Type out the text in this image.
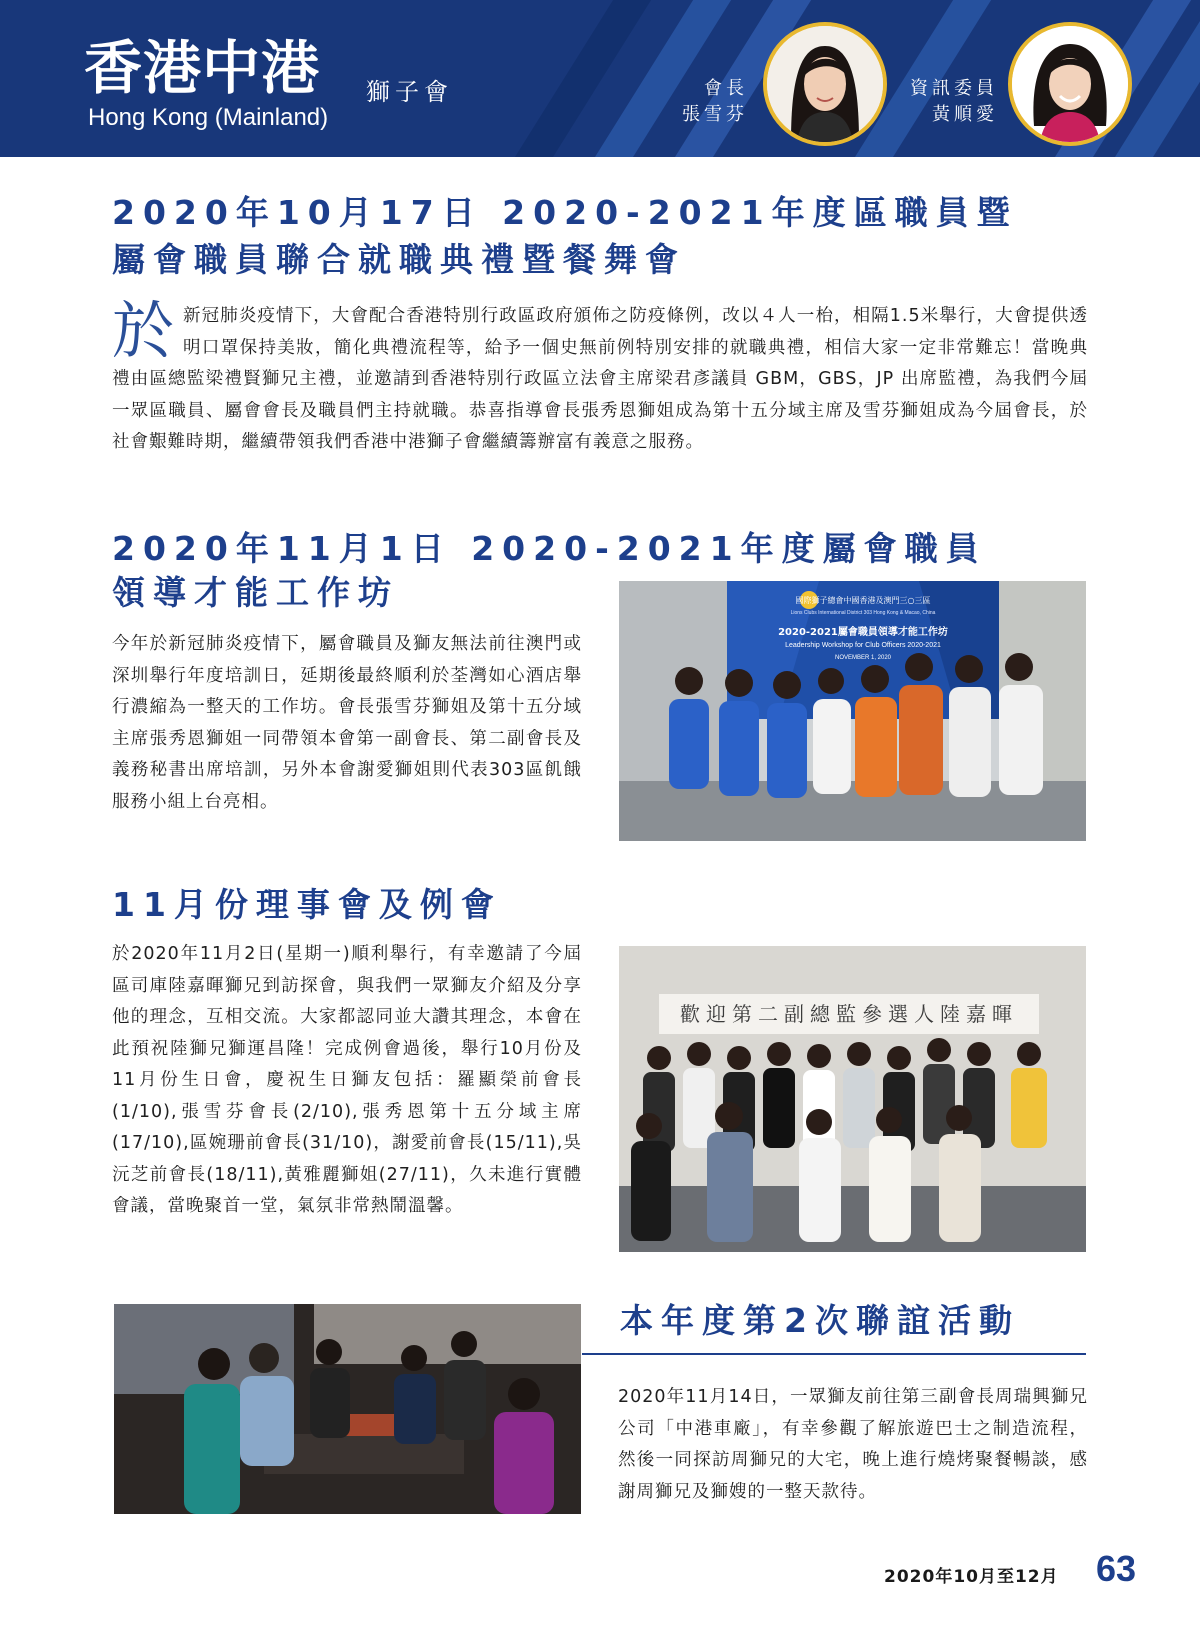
香港中港 獅子會
Hong Kong (Mainland)
會長
張雪芬
資訊委員
黃順愛
2020年10月17日 2020-2021年度區職員暨
屬會職員聯合就職典禮暨餐舞會
於新冠肺炎疫情下，大會配合香港特別行政區政府頒佈之防疫條例，改以４人一枱，相隔1.5米舉行，大會提供透明口罩保持美妝，簡化典禮流程等，給予一個史無前例特別安排的就職典禮，相信大家一定非常難忘！當晚典禮由區總監梁禮賢獅兄主禮，並邀請到香港特別行政區立法會主席梁君彥議員 GBM，GBS，JP 出席監禮，為我們今屆一眾區職員、屬會會長及職員們主持就職。恭喜指導會長張秀恩獅姐成為第十五分域主席及雪芬獅姐成為今屆會長，於社會艱難時期，繼續帶領我們香港中港獅子會繼續籌辦富有義意之服務。
2020年11月1日 2020-2021年度屬會職員
領導才能工作坊
今年於新冠肺炎疫情下，屬會職員及獅友無法前往澳門或深圳舉行年度培訓日，延期後最終順利於荃灣如心酒店舉行濃縮為一整天的工作坊。會長張雪芬獅姐及第十五分域主席張秀恩獅姐一同帶領本會第一副會長、第二副會長及義務秘書出席培訓，另外本會謝愛獅姐則代表303區飢餓服務小組上台亮相。
國際獅子總會中國香港及澳門三○三區
Lions Clubs International District 303 Hong Kong & Macao, China
2020-2021屬會職員領導才能工作坊
Leadership Workshop for Club Officers 2020-2021
NOVEMBER 1, 2020
11月份理事會及例會
於2020年11月2日(星期一)順利舉行，有幸邀請了今屆區司庫陸嘉暉獅兄到訪探會，與我們一眾獅友介紹及分享他的理念，互相交流。大家都認同並大讚其理念，本會在此預祝陸獅兄獅運昌隆！完成例會過後，舉行10月份及11月份生日會，慶祝生日獅友包括：羅顯榮前會長(1/10),張雪芬會長(2/10),張秀恩第十五分域主席(17/10),區婉珊前會長(31/10)，謝愛前會長(15/11),吳沅芝前會長(18/11),黃雅麗獅姐(27/11)，久未進行實體會議，當晚聚首一堂，氣氛非常熱鬧溫馨。
歡迎第二副總監參選人陸嘉暉
本年度第2次聯誼活動
2020年11月14日，一眾獅友前往第三副會長周瑞興獅兄公司「中港車廠」，有幸參觀了解旅遊巴士之制造流程，然後一同探訪周獅兄的大宅，晚上進行燒烤聚餐暢談，感謝周獅兄及獅嫂的一整天款待。
2020年10月至12月 63
